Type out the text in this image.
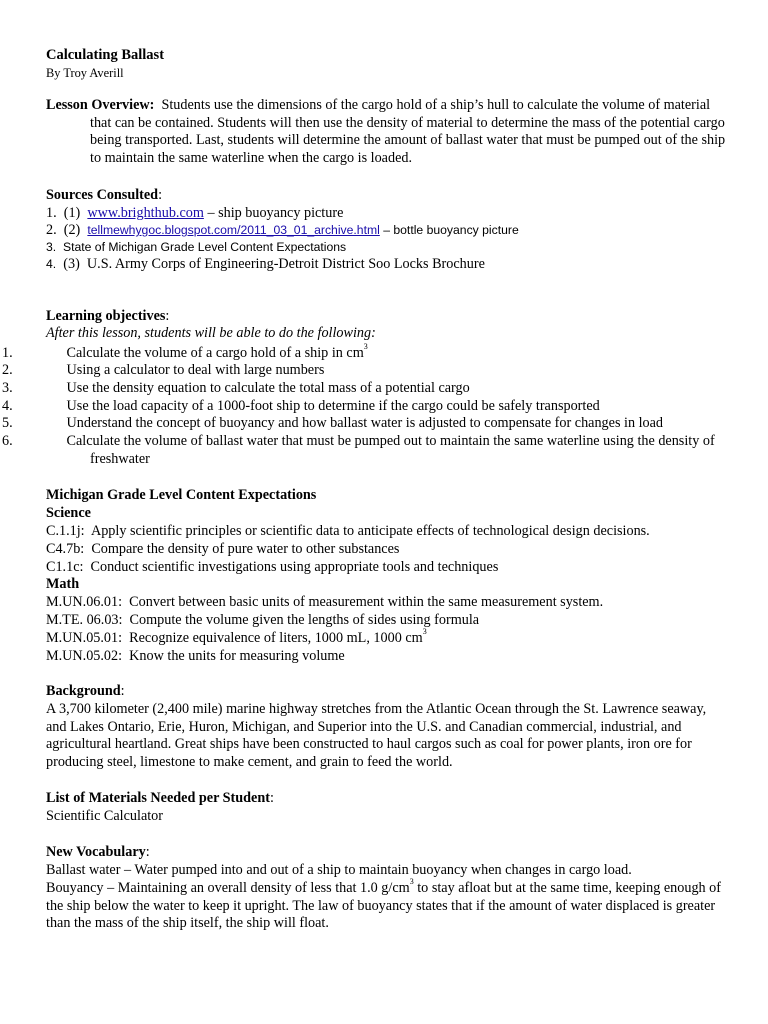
Calculating Ballast

By Troy Averill

Lesson Overview: Students use the dimensions of the cargo hold of a ship’s hull to calculate the volume of material that can be contained. Students will then use the density of material to determine the mass of the potential cargo being transported. Last, students will determine the amount of ballast water that must be pumped out of the ship to maintain the same waterline when the cargo is loaded.

Sources Consulted:

1. (1) www.brighthub.com – ship buoyancy picture

2. (2) tellmewhygoc.blogspot.com/2011_03_01_archive.html – bottle buoyancy picture

3. State of Michigan Grade Level Content Expectations

4. (3) U.S. Army Corps of Engineering-Detroit District Soo Locks Brochure

Learning objectives:

After this lesson, students will be able to do the following:

1.	Calculate the volume of a cargo hold of a ship in $cm^3$

2.	Using a calculator to deal with large numbers

3.	Use the density equation to calculate the total mass of a potential cargo

4.	Use the load capacity of a 1000-foot ship to determine if the cargo could be safely transported

5.	Understand the concept of buoyancy and how ballast water is adjusted to compensate for changes in load

6.	Calculate the volume of ballast water that must be pumped out to maintain the same waterline using the density of freshwater

Michigan Grade Level Content Expectations

Science

C.1.1j: Apply scientific principles or scientific data to anticipate effects of technological design decisions.

C4.7b: Compare the density of pure water to other substances

C1.1c: Conduct scientific investigations using appropriate tools and techniques

Math

M.UN.06.01: Convert between basic units of measurement within the same measurement system.

M.TE. 06.03: Compute the volume given the lengths of sides using formula

M.UN.05.01: Recognize equivalence of liters, 1000 mL, 1000 $cm^3$

M.UN.05.02: Know the units for measuring volume

Background:

A 3,700 kilometer (2,400 mile) marine highway stretches from the Atlantic Ocean through the St. Lawrence seaway, and Lakes Ontario, Erie, Huron, Michigan, and Superior into the U.S. and Canadian commercial, industrial, and agricultural heartland. Great ships have been constructed to haul cargos such as coal for power plants, iron ore for producing steel, limestone to make cement, and grain to feed the world.

List of Materials Needed per Student:

Scientific Calculator

New Vocabulary:

Ballast water – Water pumped into and out of a ship to maintain buoyancy when changes in cargo load.

Bouyancy – Maintaining an overall density of less that 1.0 $g/cm^3$ to stay afloat but at the same time, keeping enough of the ship below the water to keep it upright. The law of buoyancy states that if the amount of water displaced is greater than the mass of the ship itself, the ship will float.
